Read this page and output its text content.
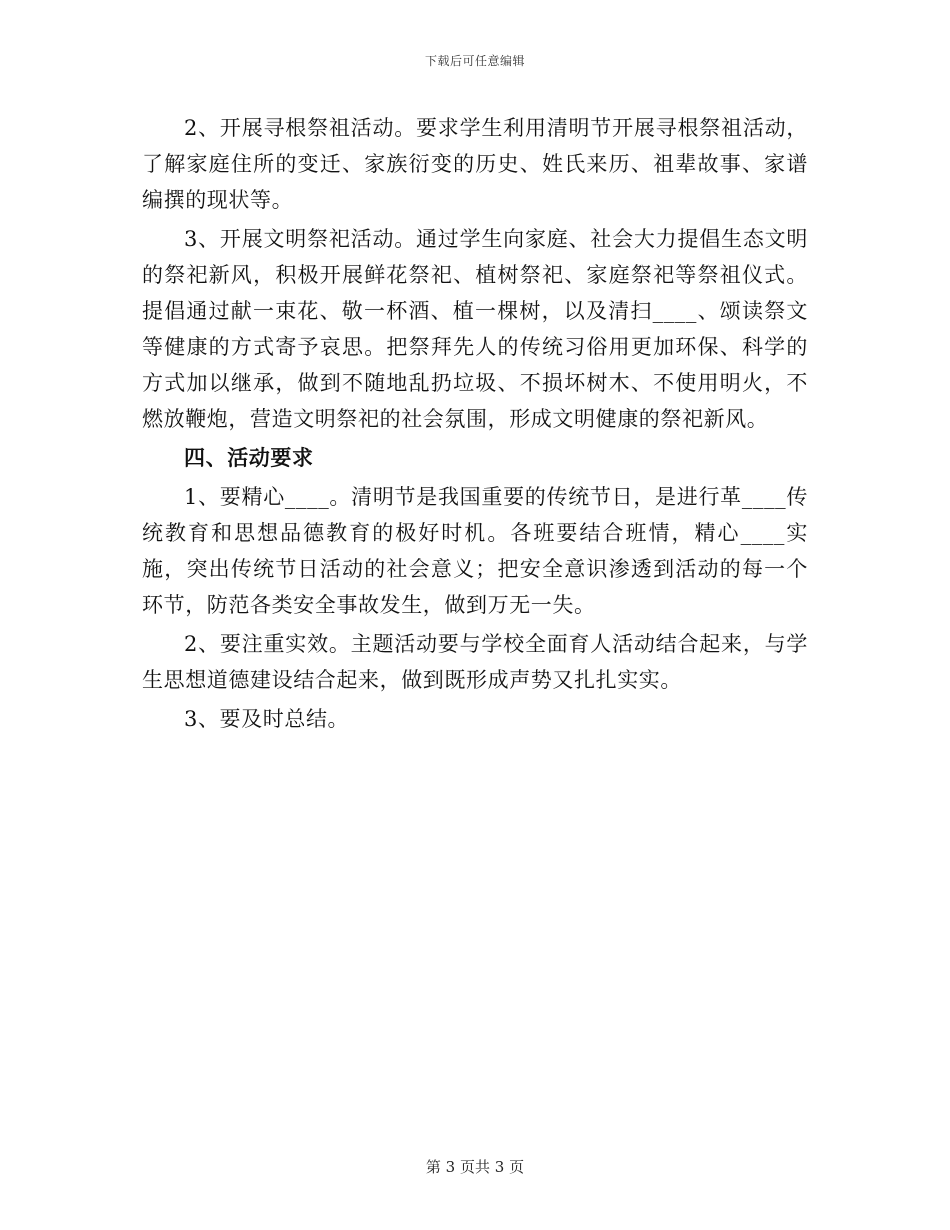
下载后可任意编辑

2、开展寻根祭祖活动。要求学生利用清明节开展寻根祭祖活动，了解家庭住所的变迁、家族衍变的历史、姓氏来历、祖辈故事、家谱编撰的现状等。

3、开展文明祭祀活动。通过学生向家庭、社会大力提倡生态文明的祭祀新风，积极开展鲜花祭祀、植树祭祀、家庭祭祀等祭祖仪式。提倡通过献一束花、敬一杯酒、植一棵树，以及清扫____、颂读祭文等健康的方式寄予哀思。把祭拜先人的传统习俗用更加环保、科学的方式加以继承，做到不随地乱扔垃圾、不损坏树木、不使用明火，不燃放鞭炮，营造文明祭祀的社会氛围，形成文明健康的祭祀新风。

四、活动要求

1、要精心____。清明节是我国重要的传统节日，是进行革____传统教育和思想品德教育的极好时机。各班要结合班情，精心____实施，突出传统节日活动的社会意义；把安全意识渗透到活动的每一个环节，防范各类安全事故发生，做到万无一失。

2、要注重实效。主题活动要与学校全面育人活动结合起来，与学生思想道德建设结合起来，做到既形成声势又扎扎实实。

3、要及时总结。

第 3 页共 3 页
